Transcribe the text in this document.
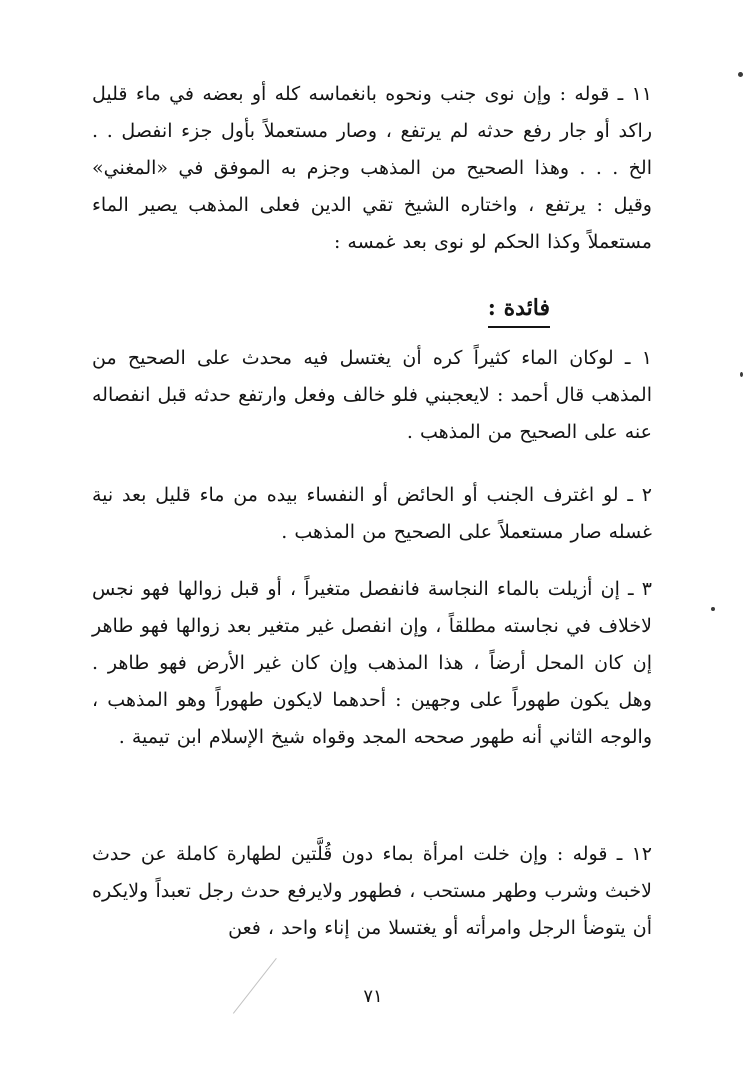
١١ ـ قوله : وإن نوى جنب ونحوه بانغماسه كله أو بعضه في ماء قليل راكد أو جار رفع حدثه لم يرتفع ، وصار مستعملاً بأول جزء انفصل . . الخ . . . وهذا الصحيح من المذهب وجزم به الموفق في «المغني» وقيل : يرتفع ، واختاره الشيخ تقي الدين فعلى المذهب يصير الماء مستعملاً وكذا الحكم لو نوى بعد غمسه :

فائدة :

١ ـ لوكان الماء كثيراً كره أن يغتسل فيه محدث على الصحيح من المذهب قال أحمد : لايعجبني فلو خالف وفعل وارتفع حدثه قبل انفصاله عنه على الصحيح من المذهب .

٢ ـ لو اغترف الجنب أو الحائض أو النفساء بيده من ماء قليل بعد نية غسله صار مستعملاً على الصحيح من المذهب .

٣ ـ إن أزيلت بالماء النجاسة فانفصل متغيراً ، أو قبل زوالها فهو نجس لاخلاف في نجاسته مطلقاً ، وإن انفصل غير متغير بعد زوالها فهو طاهر إن كان المحل أرضاً ، هذا المذهب وإن كان غير الأرض فهو طاهر . وهل يكون طهوراً على وجهين : أحدهما لايكون طهوراً وهو المذهب ، والوجه الثاني أنه طهور صححه المجد وقواه شيخ الإسلام ابن تيمية .

١٢ ـ قوله : وإن خلت امرأة بماء دون قُلَّتين لطهارة كاملة عن حدث لاخبث وشرب وطهر مستحب ، فطهور ولايرفع حدث رجل تعبداً ولايكره أن يتوضأ الرجل وامرأته أو يغتسلا من إناء واحد ، فعن

٧١
